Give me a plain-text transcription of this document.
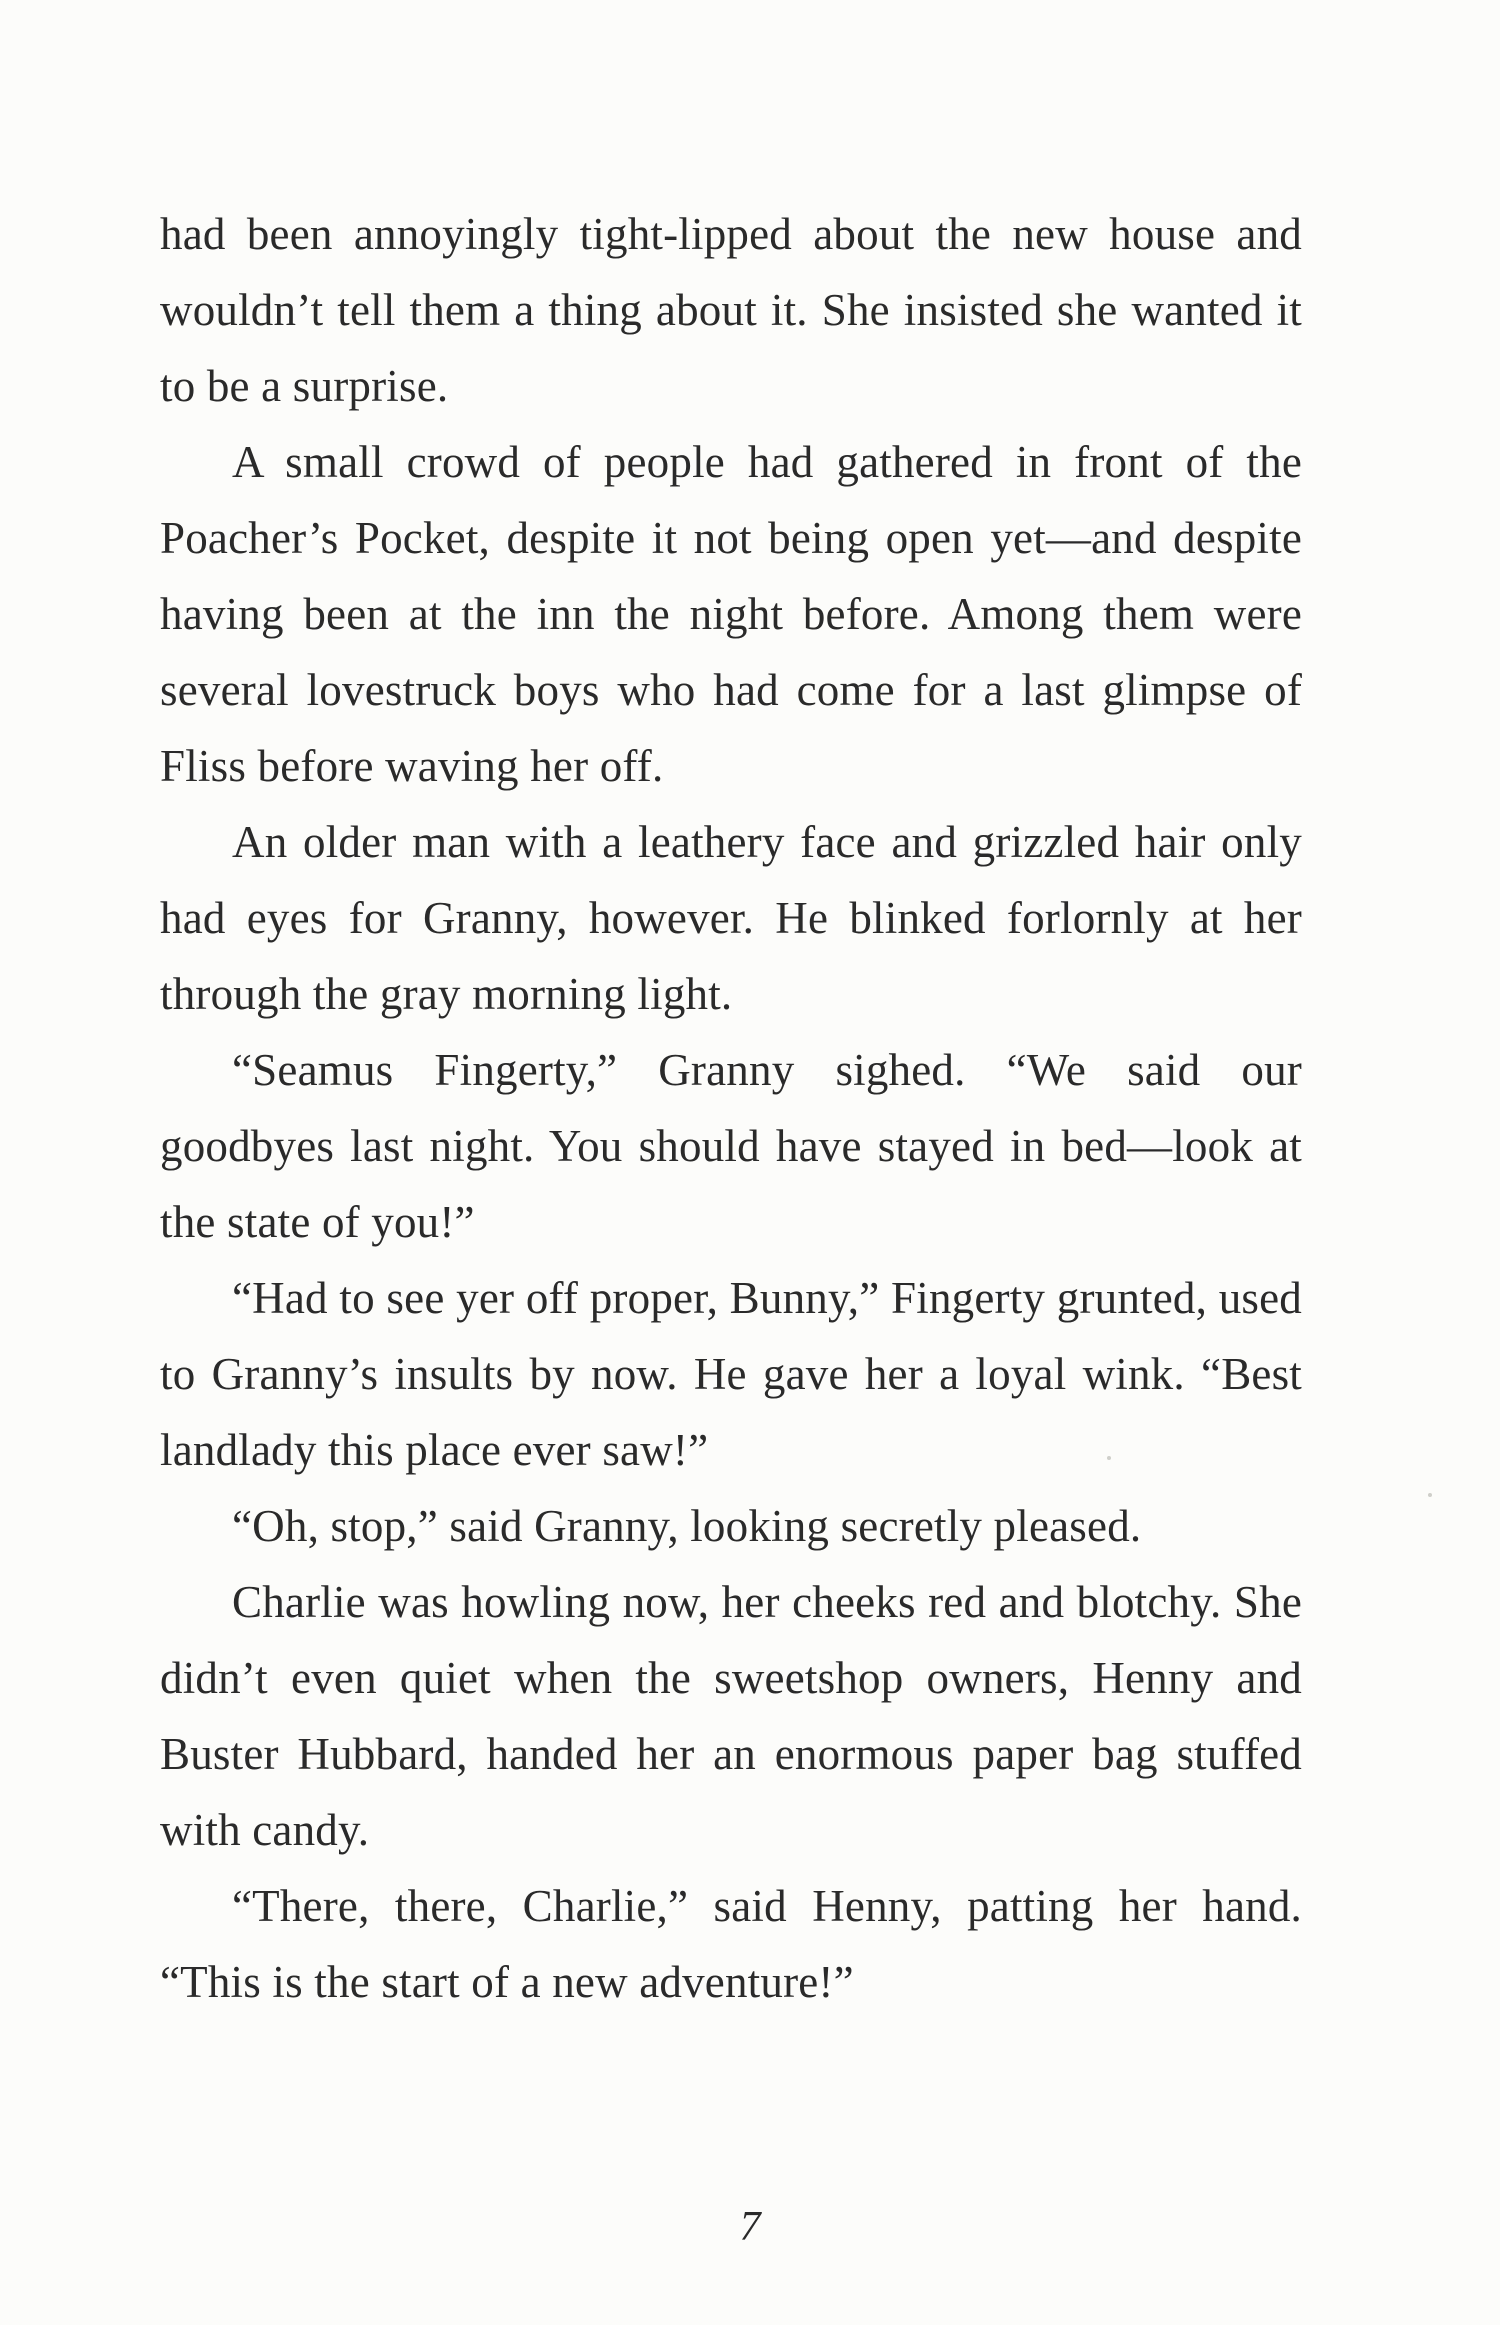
had been annoyingly tight-lipped about the new house and wouldn’t tell them a thing about it. She insisted she wanted it to be a surprise.

A small crowd of people had gathered in front of the Poacher’s Pocket, despite it not being open yet—and despite having been at the inn the night before. Among them were several lovestruck boys who had come for a last glimpse of Fliss before waving her off.

An older man with a leathery face and grizzled hair only had eyes for Granny, however. He blinked forlornly at her through the gray morning light.

“Seamus Fingerty,” Granny sighed. “We said our goodbyes last night. You should have stayed in bed—look at the state of you!”

“Had to see yer off proper, Bunny,” Fingerty grunted, used to Granny’s insults by now. He gave her a loyal wink. “Best landlady this place ever saw!”

“Oh, stop,” said Granny, looking secretly pleased.

Charlie was howling now, her cheeks red and blotchy. She didn’t even quiet when the sweetshop owners, Henny and Buster Hubbard, handed her an enormous paper bag stuffed with candy.

“There, there, Charlie,” said Henny, patting her hand. “This is the start of a new adventure!”

7
